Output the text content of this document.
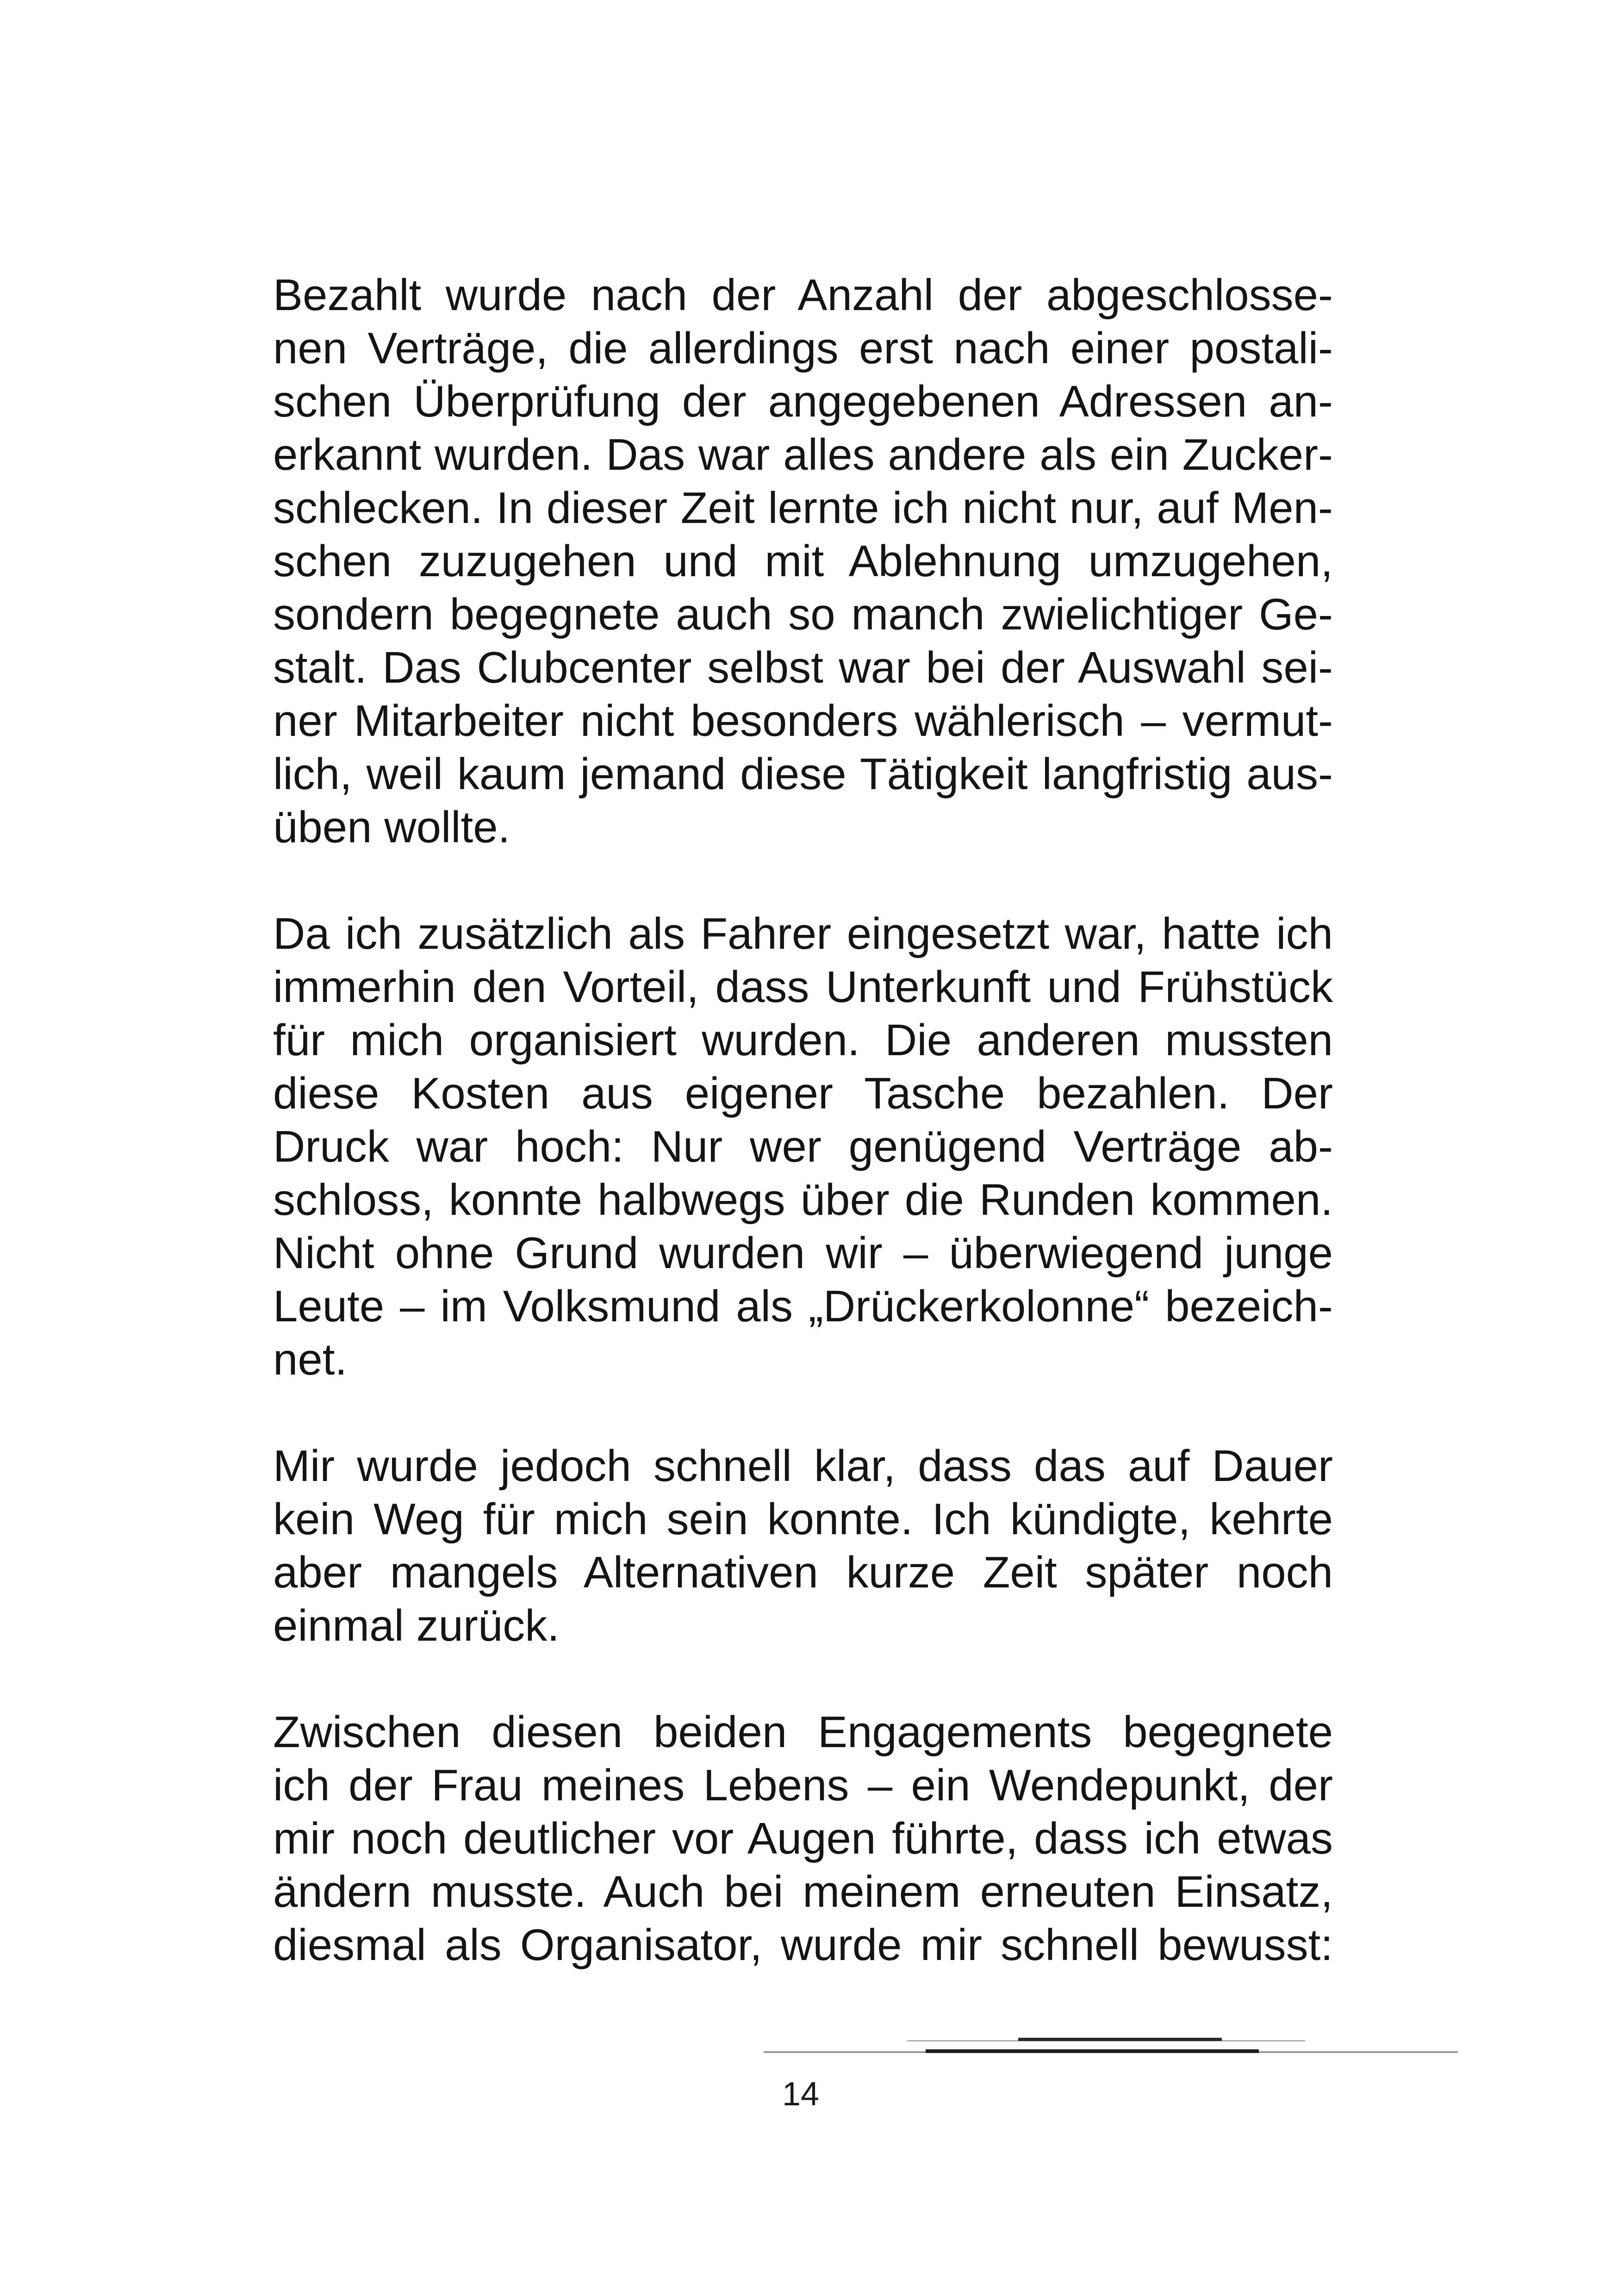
Bezahlt wurde nach der Anzahl der abgeschlosse-
nen Verträge, die allerdings erst nach einer postali-
schen Überprüfung der angegebenen Adressen an-
erkannt wurden. Das war alles andere als ein Zucker-
schlecken. In dieser Zeit lernte ich nicht nur, auf Men-
schen zuzugehen und mit Ablehnung umzugehen,
sondern begegnete auch so manch zwielichtiger Ge-
stalt. Das Clubcenter selbst war bei der Auswahl sei-
ner Mitarbeiter nicht besonders wählerisch – vermut-
lich, weil kaum jemand diese Tätigkeit langfristig aus-
üben wollte.

Da ich zusätzlich als Fahrer eingesetzt war, hatte ich
immerhin den Vorteil, dass Unterkunft und Frühstück
für mich organisiert wurden. Die anderen mussten
diese Kosten aus eigener Tasche bezahlen. Der
Druck war hoch: Nur wer genügend Verträge ab-
schloss, konnte halbwegs über die Runden kommen.
Nicht ohne Grund wurden wir – überwiegend junge
Leute – im Volksmund als „Drückerkolonne“ bezeich-
net.

Mir wurde jedoch schnell klar, dass das auf Dauer
kein Weg für mich sein konnte. Ich kündigte, kehrte
aber mangels Alternativen kurze Zeit später noch
einmal zurück.

Zwischen diesen beiden Engagements begegnete
ich der Frau meines Lebens – ein Wendepunkt, der
mir noch deutlicher vor Augen führte, dass ich etwas
ändern musste. Auch bei meinem erneuten Einsatz,
diesmal als Organisator, wurde mir schnell bewusst:

14
